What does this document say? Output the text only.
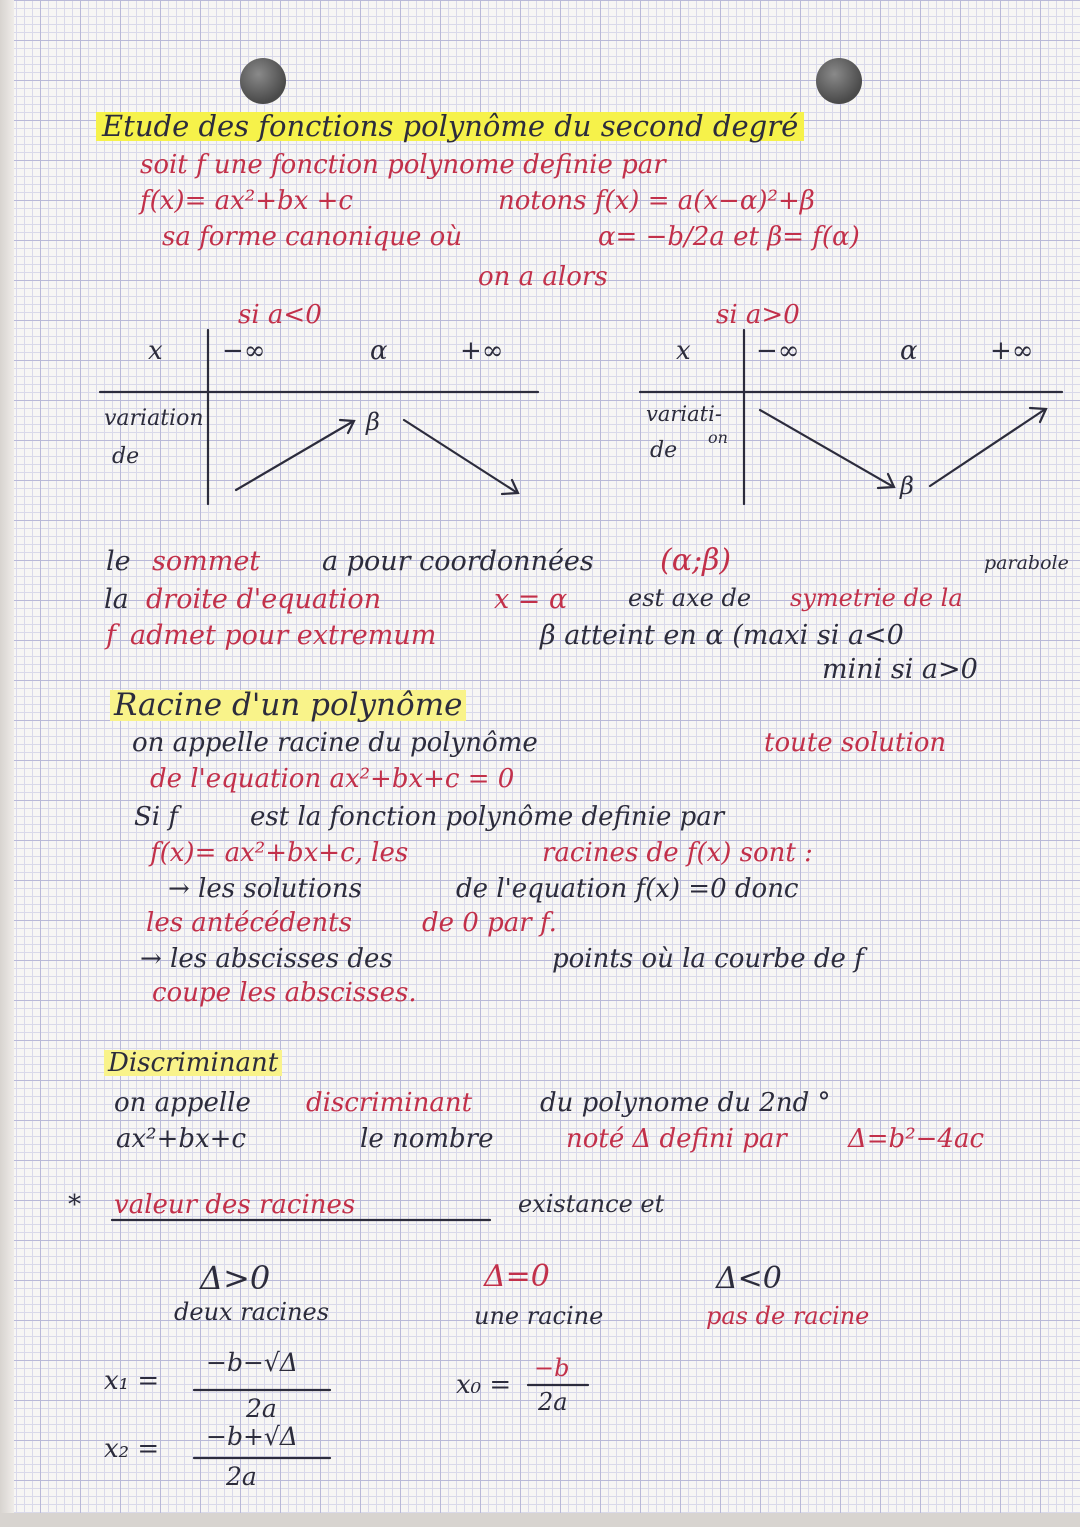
Etude des fonctions polynôme du second degré
soit f une fonction polynome definie par
f(x)= ax²+bx +c	notons f(x) = a(x−α)²+β
sa forme canonique où	α= −b/2a et β= f(α)
on a alors
si a<0
x −∞	α	+∞
variation
de
β
si a>0
x	−∞	α	+∞
variati-
de
on
β
le sommet a pour coordonnées (α;β)	parabole
la droite d'equation	x = α	est axe de symetrie de la
f admet pour extremum	β atteint en α (maxi si a<0
mini si a>0
Racine d'un polynôme
on appelle racine du polynôme	toute solution
de l'equation ax²+bx+c = 0
Si f	est la fonction polynôme definie par
f(x)= ax²+bx+c, les	racines de f(x) sont :
→ les solutions	de l'equation f(x) =0 donc
les antécédents	de 0 par f.
→ les abscisses des	points où la courbe de f
coupe les abscisses.
Discriminant
on appelle discriminant	du polynome du 2nd °
ax²+bx+c	le nombre	noté Δ defini par Δ=b²−4ac
* valeur des racines	existance et
Δ>0
deux racines
x₁ =
−b−√Δ
2a
x₂ = −b+√Δ
2a
Δ=0
une racine
x₀ =
−b
2a
Δ<0
pas de racine
